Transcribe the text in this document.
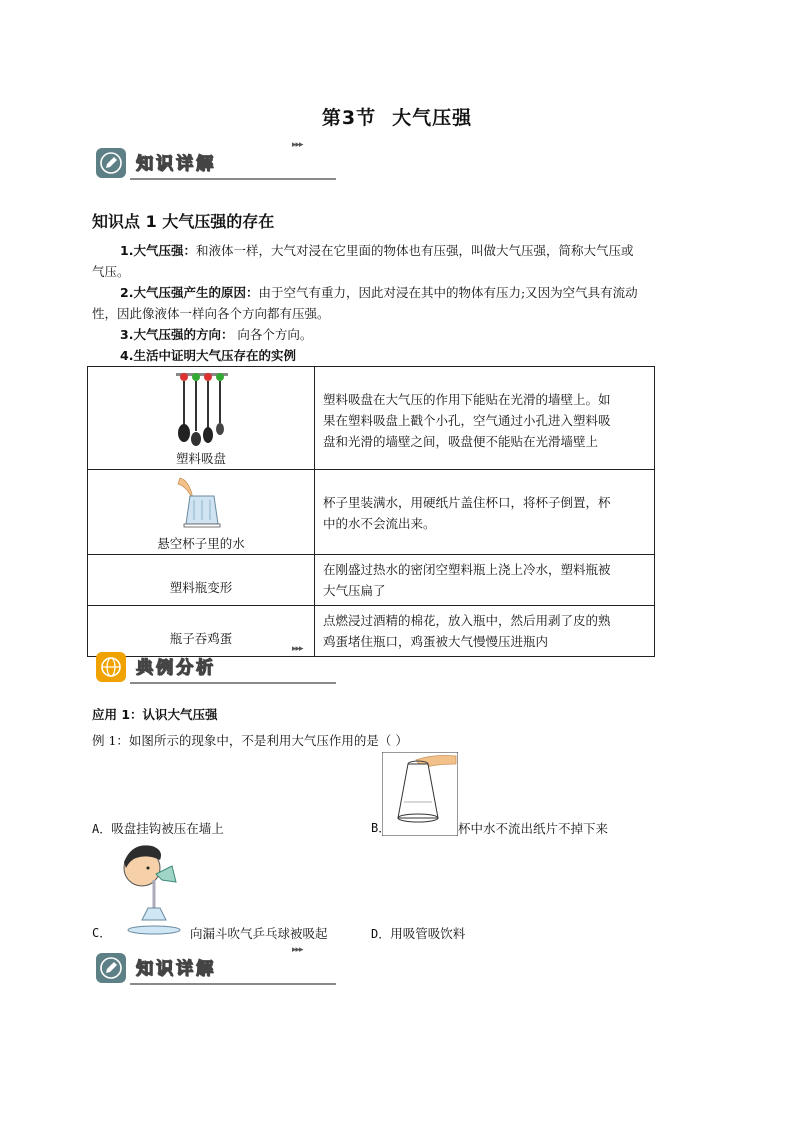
第3节 大气压强
▸▸▸
知识详解
知识点 1 大气压强的存在
1.大气压强：和液体一样，大气对浸在它里面的物体也有压强，叫做大气压强，简称大气压或
气压。
2.大气压强产生的原因：由于空气有重力，因此对浸在其中的物体有压力;又因为空气具有流动
性，因此像液体一样向各个方向都有压强。
3.大气压强的方向： 向各个方向。
4.生活中证明大气压存在的实例
塑料吸盘	塑料吸盘在大气压的作用下能贴在光滑的墙壁上。如
果在塑料吸盘上戳个小孔，空气通过小孔进入塑料吸
盘和光滑的墙壁之间，吸盘便不能贴在光滑墙壁上

悬空杯子里的水	杯子里装满水，用硬纸片盖住杯口，将杯子倒置，杯
中的水不会流出来。

塑料瓶变形	在刚盛过热水的密闭空塑料瓶上浇上冷水，塑料瓶被
大气压扁了

瓶子吞鸡蛋	点燃浸过酒精的棉花，放入瓶中，然后用剥了皮的熟
鸡蛋堵住瓶口，鸡蛋被大气慢慢压进瓶内
▸▸▸
典例分析
应用 1：认识大气压强
例 1：如图所示的现象中，不是利用大气压作用的是（ ）
A．吸盘挂钩被压在墙上	B．	杯中水不流出纸片不掉下来
C．	向漏斗吹气乒乓球被吸起	D．用吸管吸饮料
▸▸▸
知识详解
